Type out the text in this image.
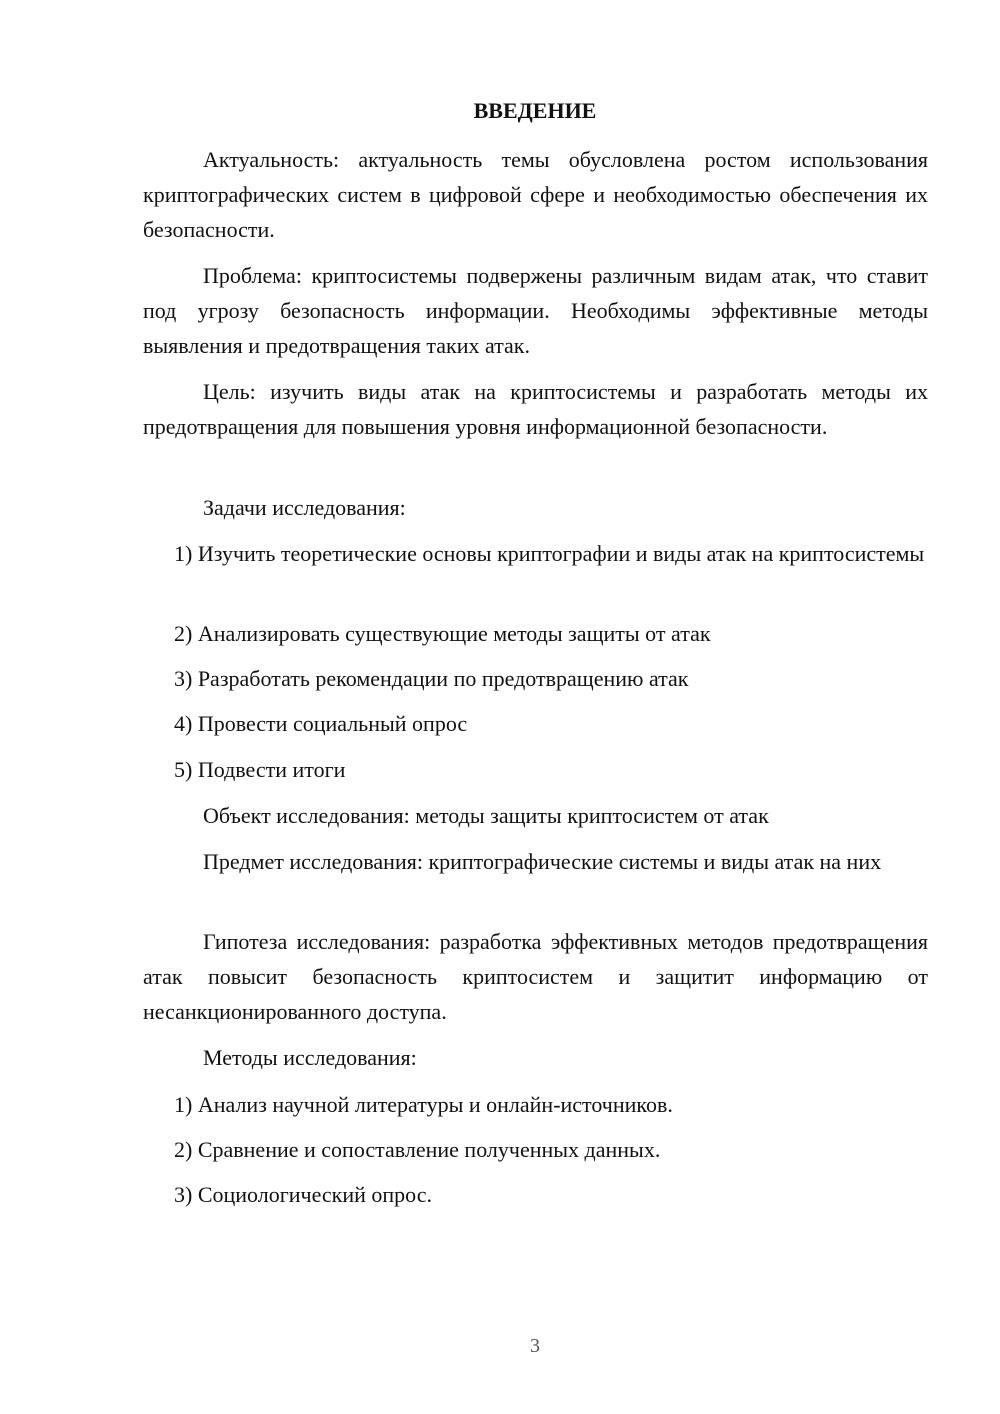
ВВЕДЕНИЕ

Актуальность: актуальность темы обусловлена ростом использования криптографических систем в цифровой сфере и необходимостью обеспечения их безопасности.

Проблема: криптосистемы подвержены различным видам атак, что ставит под угрозу безопасность информации. Необходимы эффективные методы выявления и предотвращения таких атак.

Цель: изучить виды атак на криптосистемы и разработать методы их предотвращения для повышения уровня информационной безопасности.

Задачи исследования:

1) Изучить теоретические основы криптографии и виды атак на криптосистемы

2) Анализировать существующие методы защиты от атак

3) Разработать рекомендации по предотвращению атак

4) Провести социальный опрос

5) Подвести итоги

Объект исследования: методы защиты криптосистем от атак

Предмет исследования: криптографические системы и виды атак на них

Гипотеза исследования: разработка эффективных методов предотвращения атак повысит безопасность криптосистем и защитит информацию от несанкционированного доступа.

Методы исследования:

1) Анализ научной литературы и онлайн-источников.

2) Сравнение и сопоставление полученных данных.

3) Социологический опрос.

3
